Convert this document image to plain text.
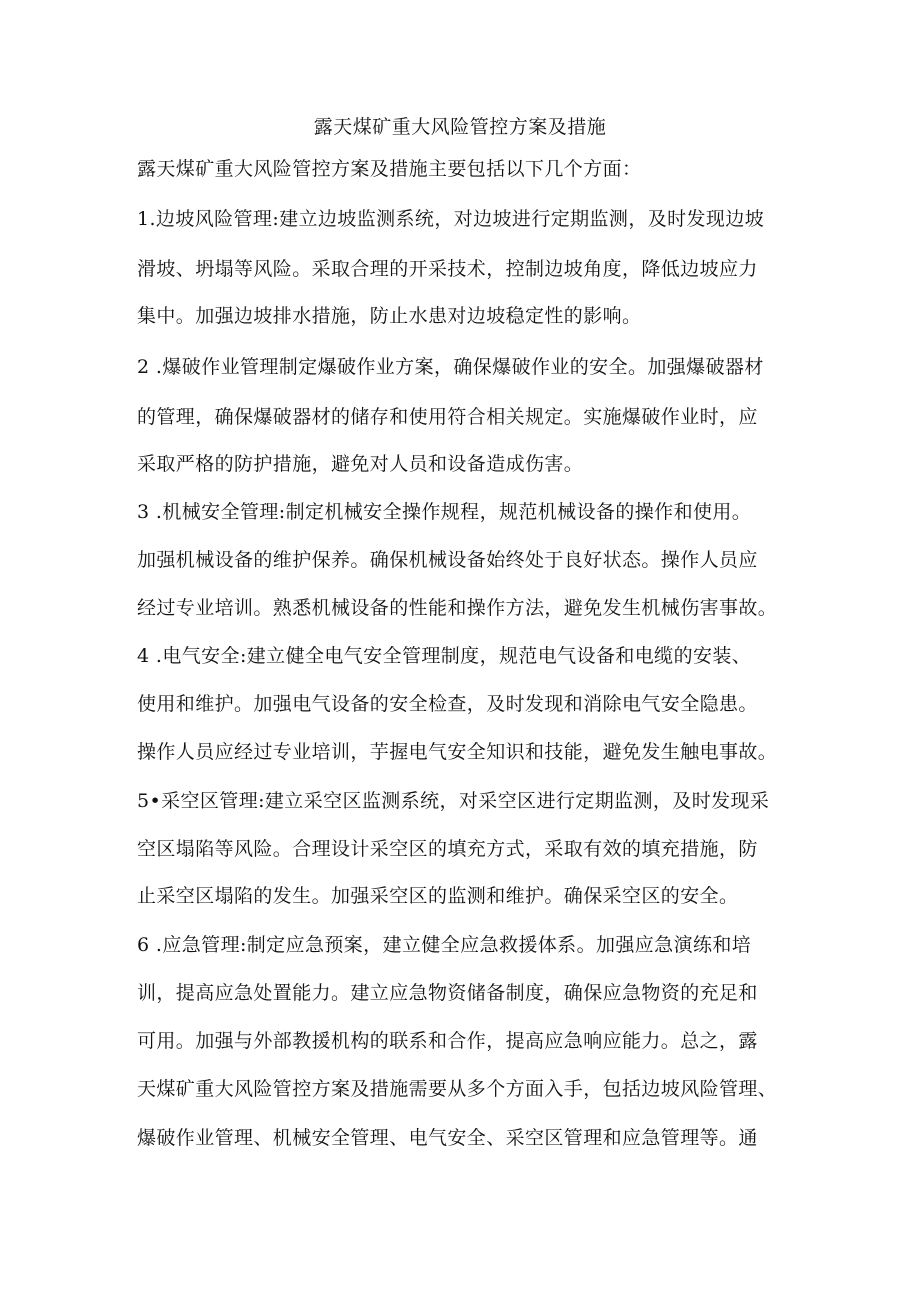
露天煤矿重大风险管控方案及措施
露天煤矿重大风险管控方案及措施主要包括以下几个方面：
1.边坡风险管理:建立边坡监测系统，对边坡进行定期监测，及时发现边坡
滑坡、坍塌等风险。采取合理的开采技术，控制边坡角度，降低边坡应力
集中。加强边坡排水措施，防止水患对边坡稳定性的影响。
2 .爆破作业管理制定爆破作业方案，确保爆破作业的安全。加强爆破器材
的管理，确保爆破器材的储存和使用符合相关规定。实施爆破作业时，应
采取严格的防护措施，避免对人员和设备造成伤害。
3 .机械安全管理:制定机械安全操作规程，规范机械设备的操作和使用。
加强机械设备的维护保养。确保机械设备始终处于良好状态。操作人员应
经过专业培训。熟悉机械设备的性能和操作方法，避免发生机械伤害事故。
4 .电气安全:建立健全电气安全管理制度，规范电气设备和电缆的安装、
使用和维护。加强电气设备的安全检查，及时发现和消除电气安全隐患。
操作人员应经过专业培训，芋握电气安全知识和技能，避免发生触电事故。
5•采空区管理:建立采空区监测系统，对采空区进行定期监测，及时发现采
空区塌陷等风险。合理设计采空区的填充方式，采取有效的填充措施，防
止采空区塌陷的发生。加强采空区的监测和维护。确保采空区的安全。
6 .应急管理:制定应急预案，建立健全应急救援体系。加强应急演练和培
训，提高应急处置能力。建立应急物资储备制度，确保应急物资的充足和
可用。加强与外部教援机构的联系和合作，提高应急响应能力。总之，露
天煤矿重大风险管控方案及措施需要从多个方面入手，包括边坡风险管理、
爆破作业管理、机械安全管理、电气安全、采空区管理和应急管理等。通
